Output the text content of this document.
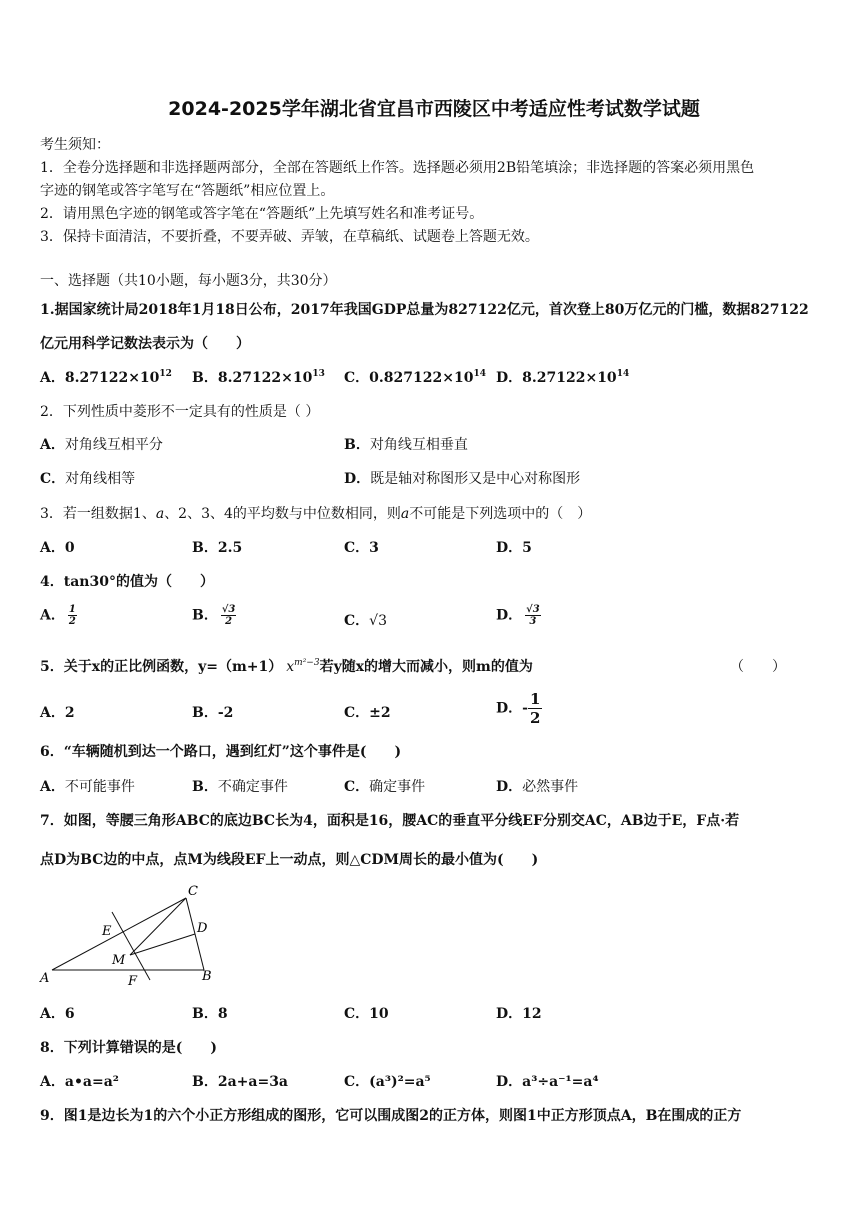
2024-2025学年湖北省宜昌市西陵区中考适应性考试数学试题
考生须知：
1．全卷分选择题和非选择题两部分，全部在答题纸上作答。选择题必须用2B铅笔填涂；非选择题的答案必须用黑色
字迹的钢笔或答字笔写在“答题纸”相应位置上。
2．请用黑色字迹的钢笔或答字笔在“答题纸”上先填写姓名和准考证号。
3．保持卡面清洁，不要折叠，不要弄破、弄皱，在草稿纸、试题卷上答题无效。
一、选择题（共10小题，每小题3分，共30分）
1.据国家统计局2018年1月18日公布，2017年我国GDP总量为827122亿元，首次登上80万亿元的门槛，数据827122
亿元用科学记数法表示为（　　）
A．$8.27122\times 10^{12}$ B．$8.27122\times 10^{13}$ C．$0.827122\times 10^{14}$ D．$8.27122\times 10^{14}$
2．下列性质中菱形不一定具有的性质是（ ）
A．对角线互相平分	B．对角线互相垂直
C．对角线相等	D．既是轴对称图形又是中心对称图形
3．若一组数据1、a、2、3、4的平均数与中位数相同，则a不可能是下列选项中的（　）
A．0	B．2.5	C．3	D．5
4．tan30°的值为（　　）
A． $\frac{1}{2}$	B． $\frac{√3}{2}$	C．√3	D． $\frac{√3}{3}$
5．关于x的正比例函数，y=（m+1） $x^{m^2-3}$若y随x的增大而减小，则m的值为	（　　）
A．2	B．-2	C．±2	D．- $\frac{1}{2}$
6．“车辆随机到达一个路口，遇到红灯”这个事件是(　　)
A．不可能事件	B．不确定事件	C．确定事件	D．必然事件
7．如图，等腰三角形ABC的底边BC长为4，面积是16，腰AC的垂直平分线EF分别交AC，AB边于E，F点·若
点D为BC边的中点，点M为线段EF上一动点，则△CDM周长的最小值为(　　)
C
D
E
M
A	B
F
A．6	B．8	C．10	D．12
8．下列计算错误的是(　　)
A．a•a=a²	B．2a+a=3a	C．(a³)²=a⁵	D．a³÷a⁻¹=a⁴
9．图1是边长为1的六个小正方形组成的图形，它可以围成图2的正方体，则图1中正方形顶点A，B在围成的正方
